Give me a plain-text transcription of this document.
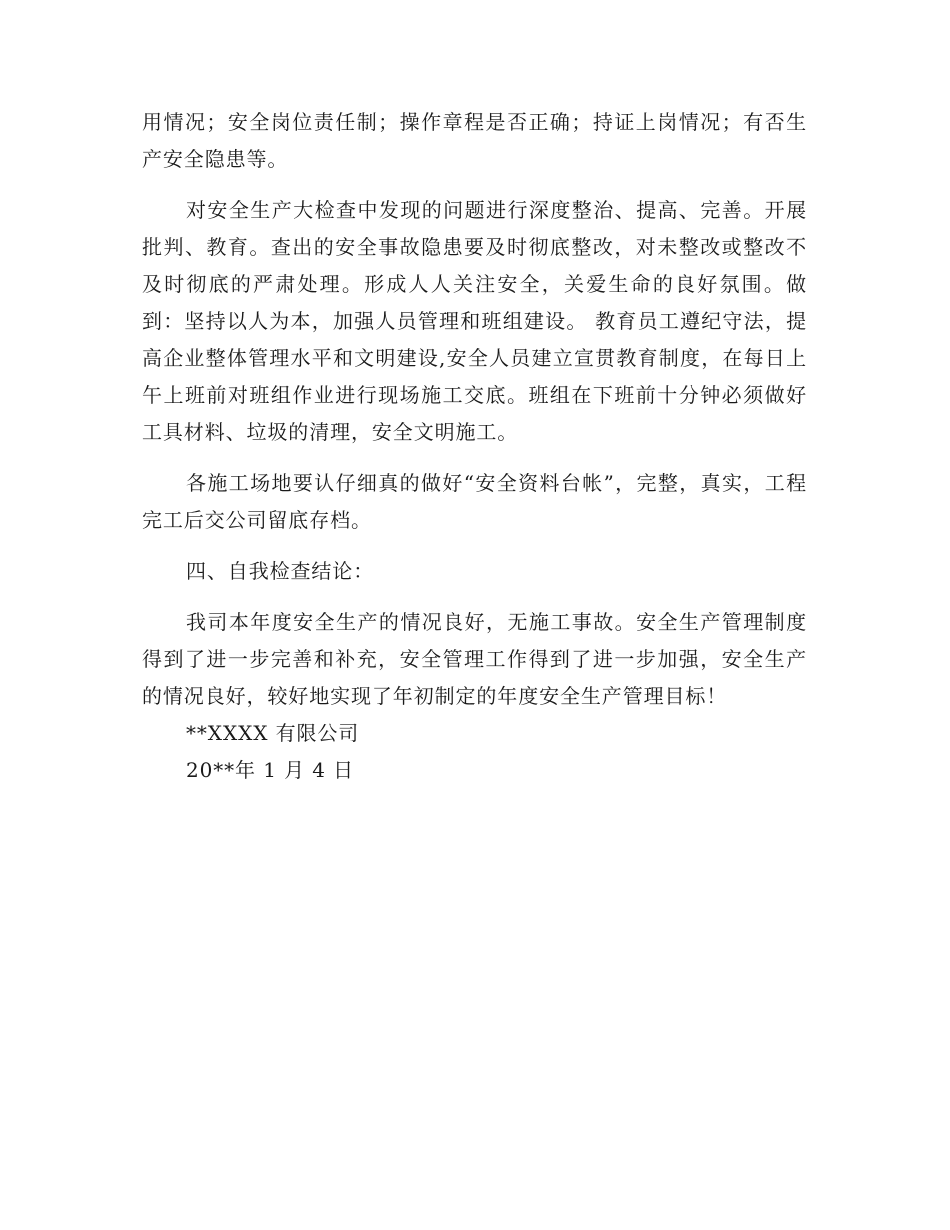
用情况；安全岗位责任制；操作章程是否正确；持证上岗情况；有否生产安全隐患等。

对安全生产大检查中发现的问题进行深度整治、提高、完善。开展批判、教育。查出的安全事故隐患要及时彻底整改，对未整改或整改不及时彻底的严肃处理。形成人人关注安全，关爱生命的良好氛围。做到：坚持以人为本，加强人员管理和班组建设。 教育员工遵纪守法，提高企业整体管理水平和文明建设,安全人员建立宣贯教育制度，在每日上午上班前对班组作业进行现场施工交底。班组在下班前十分钟必须做好工具材料、垃圾的清理，安全文明施工。

各施工场地要认仔细真的做好“安全资料台帐”，完整，真实，工程完工后交公司留底存档。

四、自我检查结论：

我司本年度安全生产的情况良好，无施工事故。安全生产管理制度得到了进一步完善和补充，安全管理工作得到了进一步加强，安全生产的情况良好，较好地实现了年初制定的年度安全生产管理目标！

**XXXX 有限公司

20**年 1 月 4 日
